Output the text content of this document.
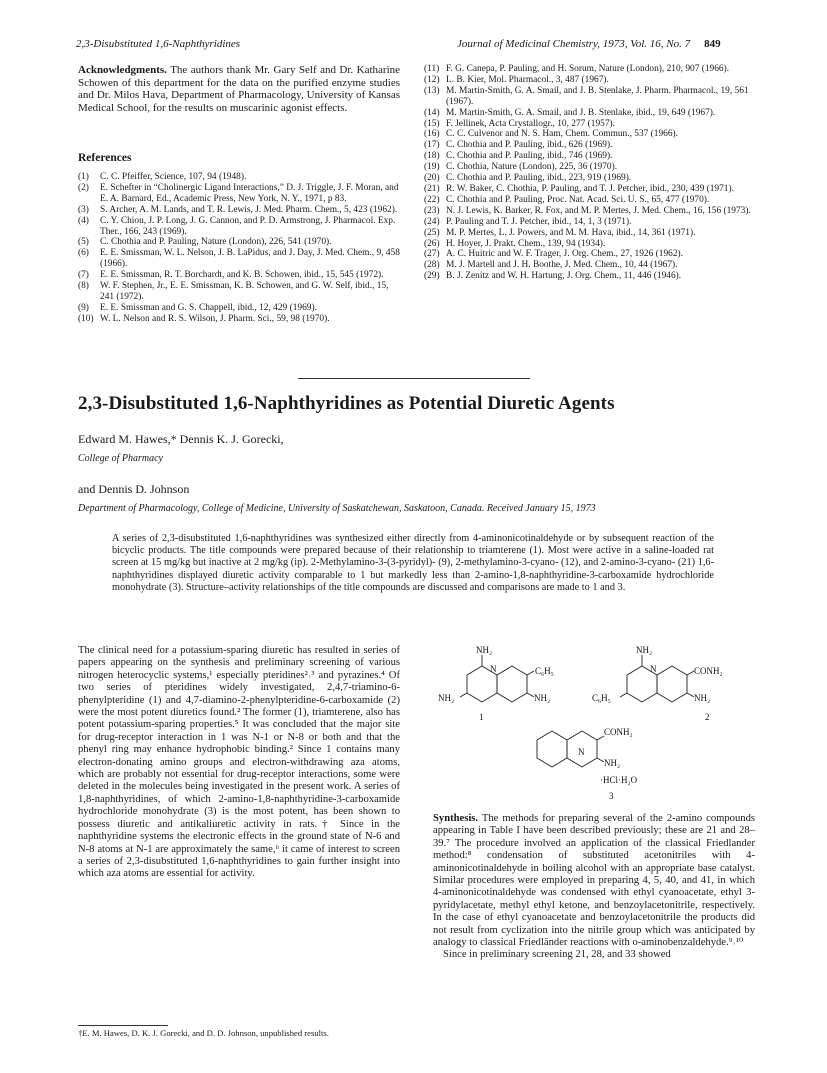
2,3-Disubstituted 1,6-Naphthyridines	Journal of Medicinal Chemistry, 1973, Vol. 16, No. 7 849
Acknowledgments. The authors thank Mr. Gary Self and Dr. Katharine Schowen of this department for the data on the purified enzyme studies and Dr. Milos Hava, Department of Pharmacology, University of Kansas Medical School, for the results on muscarinic agonist effects.
References
(1)	C. C. Pfeiffer, Science, 107, 94 (1948).
(2)	E. Schefter in “Cholinergic Ligand Interactions,” D. J. Triggle, J. F. Moran, and E. A. Barnard, Ed., Academic Press, New York, N. Y., 1971, p 83.
(3)	S. Archer, A. M. Lands, and T. R. Lewis, J. Med. Pharm. Chem., 5, 423 (1962).
(4)	C. Y. Chiou, J. P. Long, J. G. Cannon, and P. D. Armstrong, J. Pharmacol. Exp. Ther., 166, 243 (1969).
(5)	C. Chothia and P. Pauling, Nature (London), 226, 541 (1970).
(6)	E. E. Smissman, W. L. Nelson, J. B. LaPidus, and J. Day, J. Med. Chem., 9, 458 (1966).
(7)	E. E. Smissman, R. T. Borchardt, and K. B. Schowen, ibid., 15, 545 (1972).
(8)	W. F. Stephen, Jr., E. E. Smissman, K. B. Schowen, and G. W. Self, ibid., 15, 241 (1972).
(9)	E. E. Smissman and G. S. Chappell, ibid., 12, 429 (1969).
(10) W. L. Nelson and R. S. Wilson, J. Pharm. Sci., 59, 98 (1970).
(11) F. G. Canepa, P. Pauling, and H. Sorum, Nature (London), 210, 907 (1966).
(12) L. B. Kier, Mol. Pharmacol., 3, 487 (1967).
(13) M. Martin-Smith, G. A. Smail, and J. B. Stenlake, J. Pharm. Pharmacol., 19, 561 (1967).
(14) M. Martin-Smith, G. A. Smail, and J. B. Stenlake, ibid., 19, 649 (1967).
(15) F. Jellinek, Acta Crystallogr., 10, 277 (1957).
(16) C. C. Culvenor and N. S. Ham, Chem. Commun., 537 (1966).
(17) C. Chothia and P. Pauling, ibid., 626 (1969).
(18) C. Chothia and P. Pauling, ibid., 746 (1969).
(19) C. Chothia, Nature (London), 225, 36 (1970).
(20) C. Chothia and P. Pauling, ibid., 223, 919 (1969).
(21) R. W. Baker, C. Chothia, P. Pauling, and T. J. Petcher, ibid., 230, 439 (1971).
(22) C. Chothia and P. Pauling, Proc. Nat. Acad. Sci. U. S., 65, 477 (1970).
(23) N. J. Lewis, K. Barker, R. Fox, and M. P. Mertes, J. Med. Chem., 16, 156 (1973).
(24) P. Pauling and T. J. Petcher, ibid., 14, 1, 3 (1971).
(25) M. P. Mertes, L. J. Powers, and M. M. Hava, ibid., 14, 361 (1971).
(26) H. Hoyer, J. Prakt. Chem., 139, 94 (1934).
(27) A. C. Huitric and W. F. Trager, J. Org. Chem., 27, 1926 (1962).
(28) M. J. Martell and J. H. Boothe, J. Med. Chem., 10, 44 (1967).
(29) B. J. Zenitz and W. H. Hartung, J. Org. Chem., 11, 446 (1946).
2,3-Disubstituted 1,6-Naphthyridines as Potential Diuretic Agents
Edward M. Hawes,* Dennis K. J. Gorecki,
College of Pharmacy
and Dennis D. Johnson
Department of Pharmacology, College of Medicine, University of Saskatchewan, Saskatoon, Canada. Received January 15, 1973
A series of 2,3-disubstituted 1,6-naphthyridines was synthesized either directly from 4-aminonicotinaldehyde or by subsequent reaction of the bicyclic products. The title compounds were prepared because of their relationship to triamterene (1). Most were active in a saline-loaded rat screen at 15 mg/kg but inactive at 2 mg/kg (ip). 2-Methylamino-3-(3-pyridyl)- (9), 2-methylamino-3-cyano- (12), and 2-amino-3-cyano- (21) 1,6-naphthyridines displayed diuretic activity comparable to 1 but markedly less than 2-amino-1,8-naphthyridine-3-carboxamide hydrochloride monohydrate (3). Structure–activity relationships of the title compounds are discussed and comparisons are made to 1 and 3.
The clinical need for a potassium-sparing diuretic has resulted in series of papers appearing on the synthesis and preliminary screening of various nitrogen heterocyclic systems,¹ especially pteridines²˒³ and pyrazines.⁴ Of two series of pteridines widely investigated, 2,4,7-triamino-6-phenylpteridine (1) and 4,7-diamino-2-phenylpteridine-6-carboxamide (2) were the most potent diuretics found.² The former (1), triamterene, also has potent potassium-sparing properties.⁵ It was concluded that the major site for drug-receptor interaction in 1 was N-1 or N-8 or both and that the phenyl ring may enhance hydrophobic binding.² Since 1 contains many electron-donating amino groups and electron-withdrawing aza atoms, which are probably not essential for drug-receptor interactions, some were deleted in the molecules being investigated in the present work. A series of 1,8-naphthyridines, of which 2-amino-1,8-naphthyridine-3-carboxamide hydrochloride monohydrate (3) is the most potent, has been shown to possess diuretic and antikaliuretic activity in rats.† Since in the naphthyridine systems the electronic effects in the ground state of N-6 and N-8 atoms at N-1 are approximately the same,⁶ it came of interest to screen a series of 2,3-disubstituted 1,6-naphthyridines to gain further insight into which aza atoms are essential for activity.
†E. M. Hawes, D. K. J. Gorecki, and D. D. Johnson, unpublished results.
NH₂
N	C₆H₅
NH₂	NH₂
1
NH₂
N	CONH₂
C₆H₅	NH₂
2
N
CONH₂
NH₂
·HCl·H₂O
3
Synthesis. The methods for preparing several of the 2-amino compounds appearing in Table I have been described previously; these are 21 and 28–39.⁷ The procedure involved an application of the classical Friedlander method:⁸ condensation of substituted acetonitriles with 4-aminonicotinaldehyde in boiling alcohol with an appropriate base catalyst. Similar procedures were employed in preparing 4, 5, 40, and 41, in which 4-aminonicotinaldehyde was condensed with ethyl cyanoacetate, ethyl 3-pyridylacetate, methyl ethyl ketone, and benzoylacetonitrile, respectively. In the case of ethyl cyanoacetate and benzoylacetonitrile the products did not result from cyclization into the nitrile group which was anticipated by analogy to classical Friedländer reactions with o-aminobenzaldehyde.⁹˒¹⁰
Since in preliminary screening 21, 28, and 33 showed
